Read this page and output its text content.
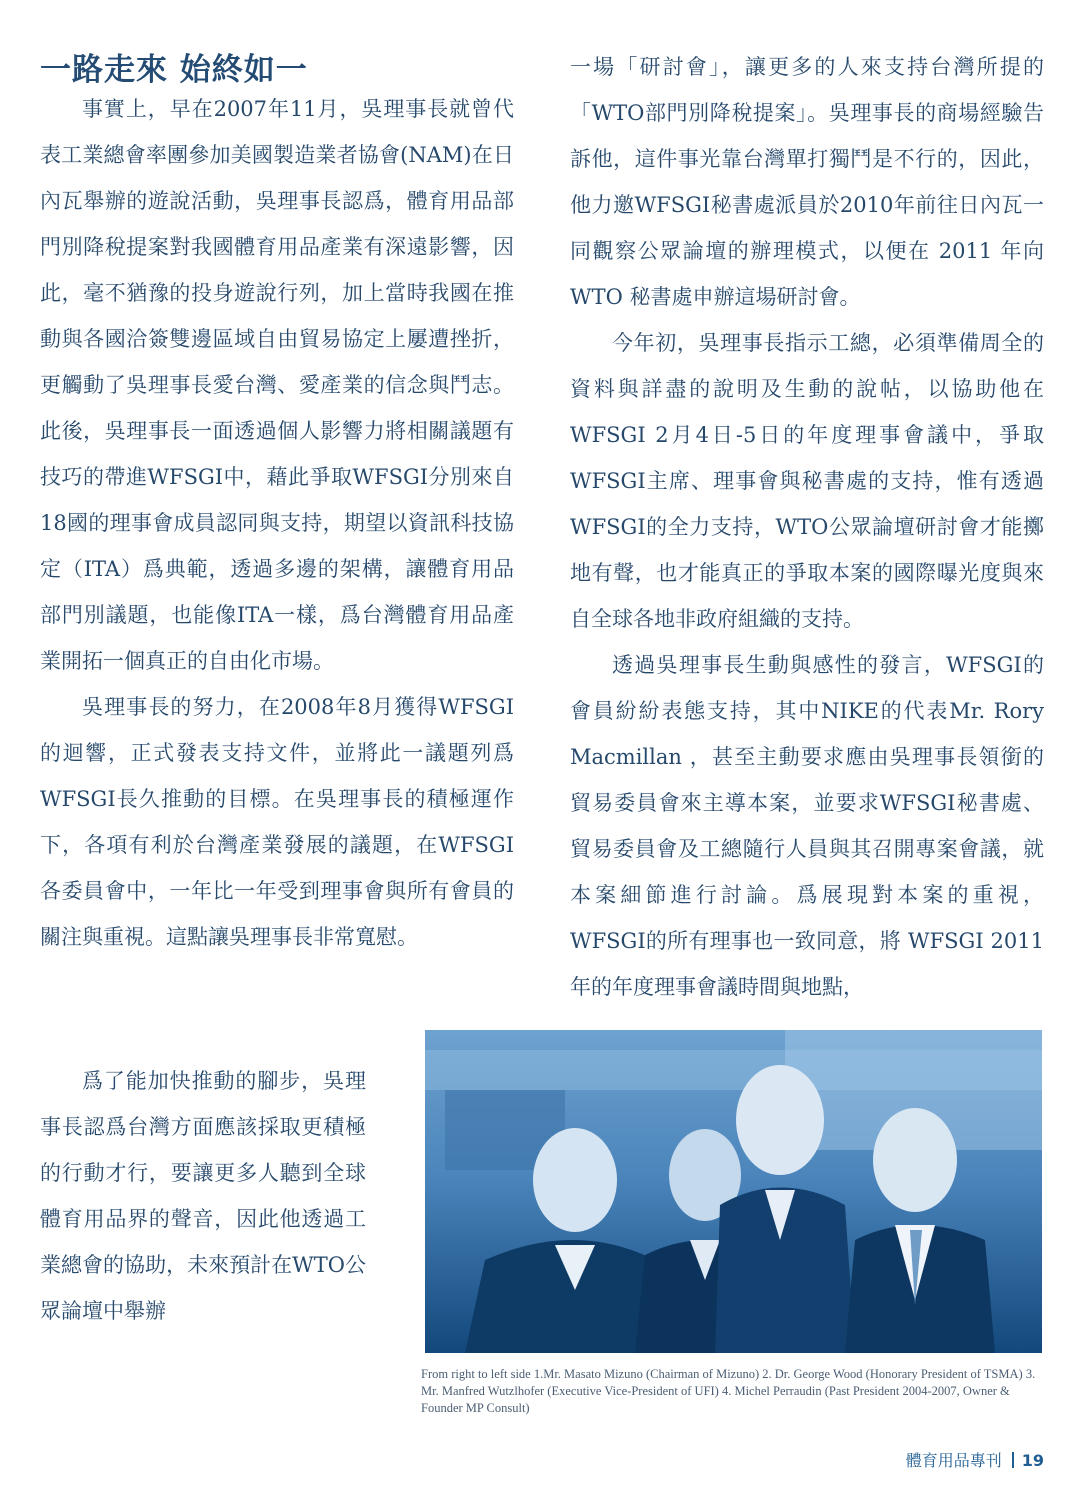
一路走來 始終如一

事實上，早在2007年11月，吳理事長就曾代表工業總會率團參加美國製造業者協會(NAM)在日內瓦舉辦的遊說活動，吳理事長認爲，體育用品部門別降稅提案對我國體育用品產業有深遠影響，因此，毫不猶豫的投身遊說行列，加上當時我國在推動與各國洽簽雙邊區域自由貿易協定上屢遭挫折，更觸動了吳理事長愛台灣、愛產業的信念與鬥志。此後，吳理事長一面透過個人影響力將相關議題有技巧的帶進WFSGI中，藉此爭取WFSGI分別來自18國的理事會成員認同與支持，期望以資訊科技協定（ITA）爲典範，透過多邊的架構，讓體育用品部門別議題，也能像ITA一樣，爲台灣體育用品產業開拓一個真正的自由化市場。

吳理事長的努力，在2008年8月獲得WFSGI的迴響，正式發表支持文件，並將此一議題列爲WFSGI長久推動的目標。在吳理事長的積極運作下，各項有利於台灣產業發展的議題，在WFSGI各委員會中，一年比一年受到理事會與所有會員的關注與重視。這點讓吳理事長非常寬慰。

爲了能加快推動的腳步，吳理事長認爲台灣方面應該採取更積極的行動才行，要讓更多人聽到全球體育用品界的聲音，因此他透過工業總會的協助，未來預計在WTO公眾論壇中舉辦

一場「研討會」，讓更多的人來支持台灣所提的「WTO部門別降稅提案」。吳理事長的商場經驗告訴他，這件事光靠台灣單打獨鬥是不行的，因此，他力邀WFSGI秘書處派員於2010年前往日內瓦一同觀察公眾論壇的辦理模式，以便在 2011 年向 WTO 秘書處申辦這場研討會。

今年初，吳理事長指示工總，必須準備周全的資料與詳盡的說明及生動的說帖，以協助他在 WFSGI 2月4日-5日的年度理事會議中，爭取WFSGI主席、理事會與秘書處的支持，惟有透過WFSGI的全力支持，WTO公眾論壇研討會才能擲地有聲，也才能真正的爭取本案的國際曝光度與來自全球各地非政府組織的支持。

透過吳理事長生動與感性的發言，WFSGI的會員紛紛表態支持，其中NIKE的代表Mr. Rory Macmillan ，甚至主動要求應由吳理事長領銜的貿易委員會來主導本案，並要求WFSGI秘書處、貿易委員會及工總隨行人員與其召開專案會議，就本案細節進行討論。爲展現對本案的重視，WFSGI的所有理事也一致同意，將 WFSGI 2011年的年度理事會議時間與地點，

From right to left side 1.Mr. Masato Mizuno (Chairman of Mizuno) 2. Dr. George Wood (Honorary President of TSMA) 3. Mr. Manfred Wutzlhofer (Executive Vice-President of UFI) 4. Michel Perraudin (Past President 2004-2007, Owner & Founder MP Consult)
體育用品專刊 19
